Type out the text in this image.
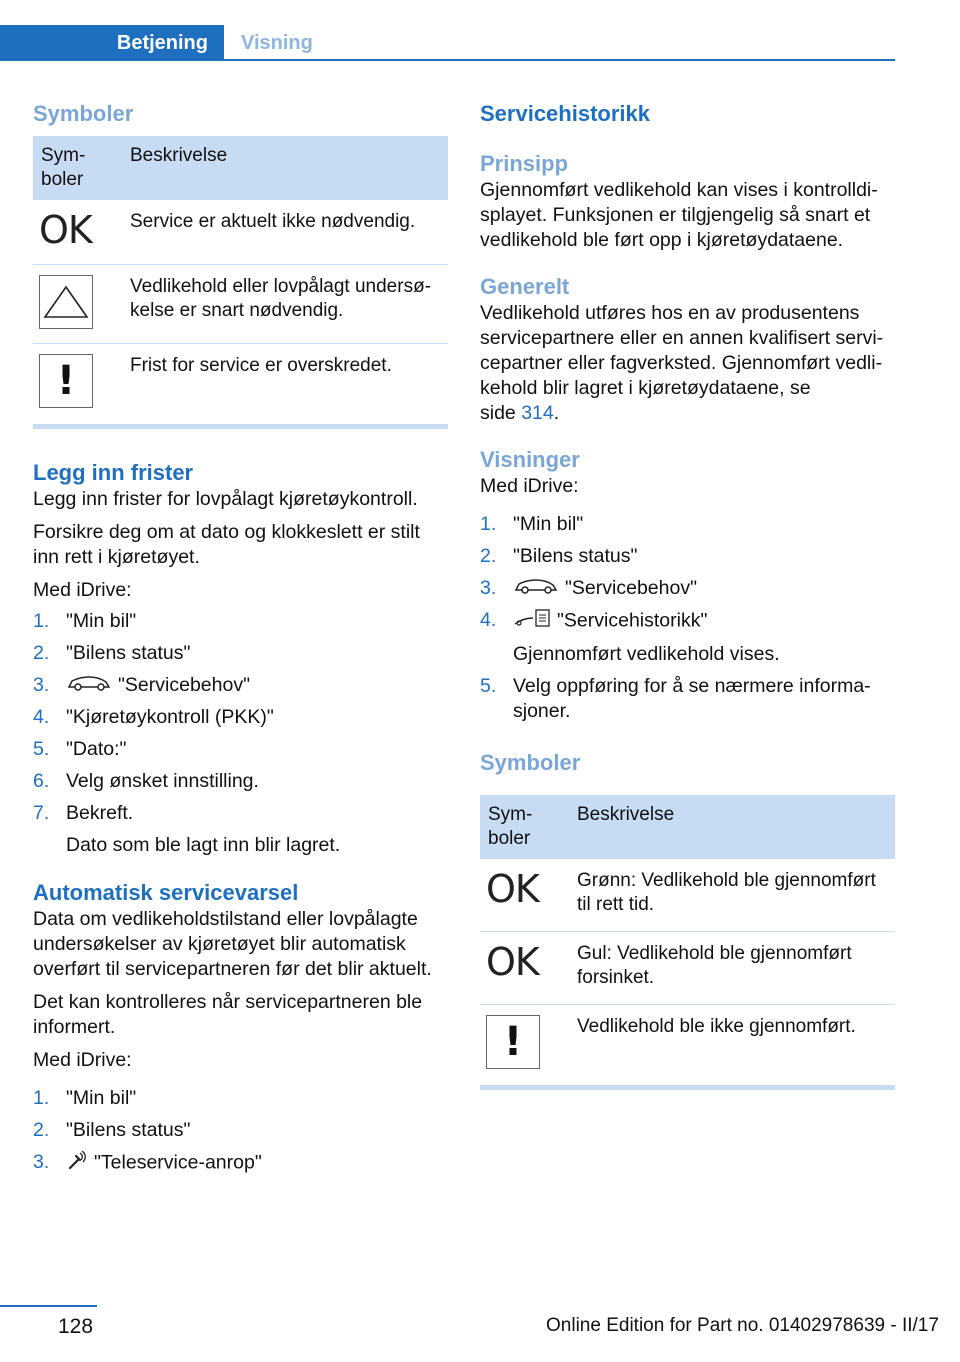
Betjening	Visning
Symboler
Sym-
boler	Beskrivelse
OK	Service er aktuelt ikke nødvendig.

	Vedlikehold eller lovpålagt undersø-
kelse er snart nødvendig.

!	Frist for service er overskredet.
Legg inn frister

Legg inn frister for lovpålagt kjøretøykontroll.

Forsikre deg om at dato og klokkeslett er stilt inn rett i kjøretøyet.

Med iDrive:

1. "Min bil"
2. "Bilens status"
3.	"Servicebehov"
4. "Kjøretøykontroll (PKK)"
5. "Dato:"
6. Velg ønsket innstilling.
7. Bekreft.
Dato som ble lagt inn blir lagret.
Automatisk servicevarsel

Data om vedlikeholdstilstand eller lovpålagte undersøkelser av kjøretøyet blir automatisk overført til servicepartneren før det blir aktuelt.

Det kan kontrolleres når servicepartneren ble informert.

Med iDrive:

1. "Min bil"
2. "Bilens status"
3. "Teleservice-anrop"
Servicehistorikk
Prinsipp

Gjennomført vedlikehold kan vises i kontrolldi-
splayet. Funksjonen er tilgjengelig så snart et vedlikehold ble ført opp i kjøretøydataene.

Generelt

Vedlikehold utføres hos en av produsentens servicepartnere eller en annen kvalifisert servi-
cepartner eller fagverksted. Gjennomført vedli-
kehold blir lagret i kjøretøydataene, se
side 314.

Visninger

Med iDrive:

1. "Min bil"
2. "Bilens status"
3.	"Servicebehov"
4.	"Servicehistorikk"
Gjennomført vedlikehold vises.
5. Velg oppføring for å se nærmere informa-
sjoner.
Symboler
Sym-
boler	Beskrivelse
OK	Grønn: Vedlikehold ble gjennomført til rett tid.
OK	Gul: Vedlikehold ble gjennomført forsinket.

!	Vedlikehold ble ikke gjennomført.
128	Online Edition for Part no. 01402978639 - II/17
